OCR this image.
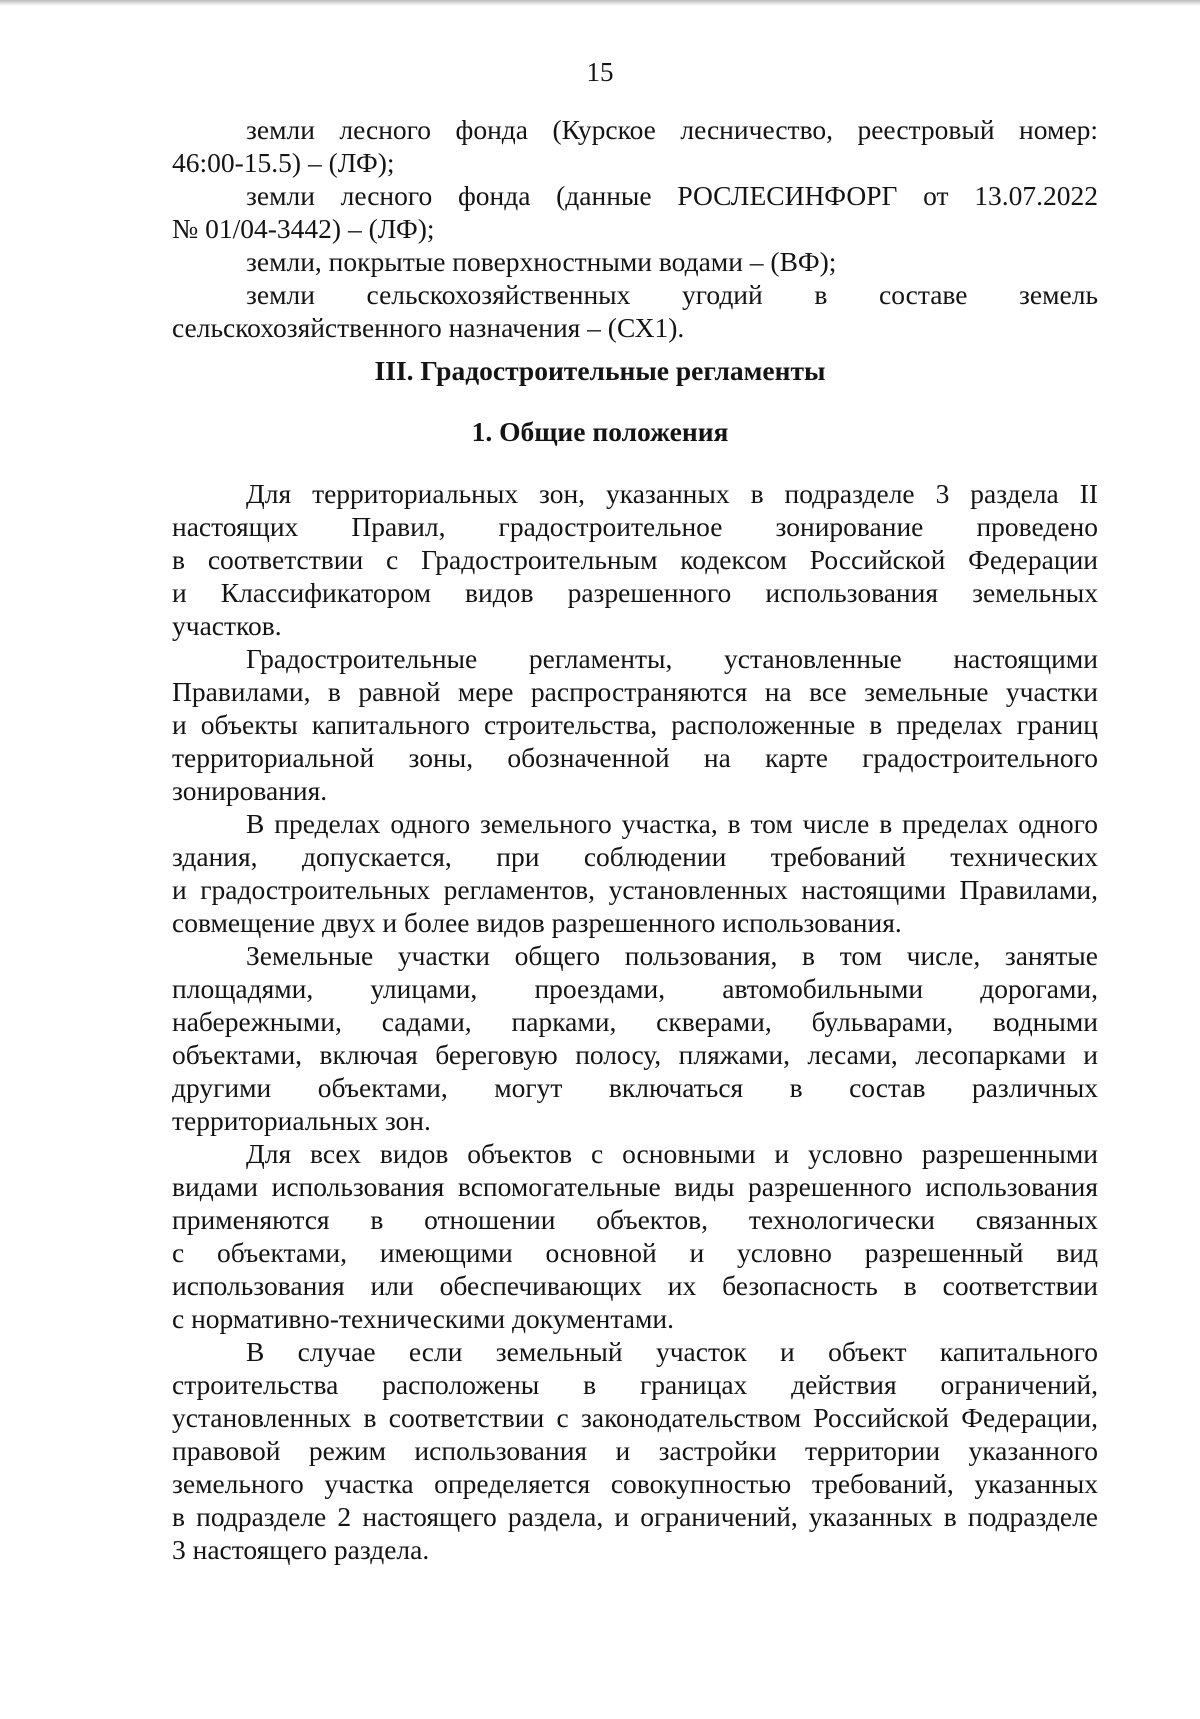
15

земли лесного фонда (Курское лесничество, реестровый номер:
46:00-15.5) – (ЛФ);
земли лесного фонда (данные РОСЛЕСИНФОРГ от 13.07.2022
№ 01/04-3442) – (ЛФ);
земли, покрытые поверхностными водами – (ВФ);
земли сельскохозяйственных угодий в составе земель
сельскохозяйственного назначения – (СХ1).
III. Градостроительные регламенты
1. Общие положения
Для территориальных зон, указанных в подразделе 3 раздела II
настоящих Правил, градостроительное зонирование проведено
в соответствии с Градостроительным кодексом Российской Федерации
и Классификатором видов разрешенного использования земельных
участков.
Градостроительные регламенты, установленные настоящими
Правилами, в равной мере распространяются на все земельные участки
и объекты капитального строительства, расположенные в пределах границ
территориальной зоны, обозначенной на карте градостроительного
зонирования.
В пределах одного земельного участка, в том числе в пределах одного
здания, допускается, при соблюдении требований технических
и градостроительных регламентов, установленных настоящими Правилами,
совмещение двух и более видов разрешенного использования.
Земельные участки общего пользования, в том числе, занятые
площадями, улицами, проездами, автомобильными дорогами,
набережными, садами, парками, скверами, бульварами, водными
объектами, включая береговую полосу, пляжами, лесами, лесопарками и
другими объектами, могут включаться в состав различных
территориальных зон.
Для всех видов объектов с основными и условно разрешенными
видами использования вспомогательные виды разрешенного использования
применяются в отношении объектов, технологически связанных
с объектами, имеющими основной и условно разрешенный вид
использования или обеспечивающих их безопасность в соответствии
с нормативно-техническими документами.
В случае если земельный участок и объект капитального
строительства расположены в границах действия ограничений,
установленных в соответствии с законодательством Российской Федерации,
правовой режим использования и застройки территории указанного
земельного участка определяется совокупностью требований, указанных
в подразделе 2 настоящего раздела, и ограничений, указанных в подразделе
3 настоящего раздела.
